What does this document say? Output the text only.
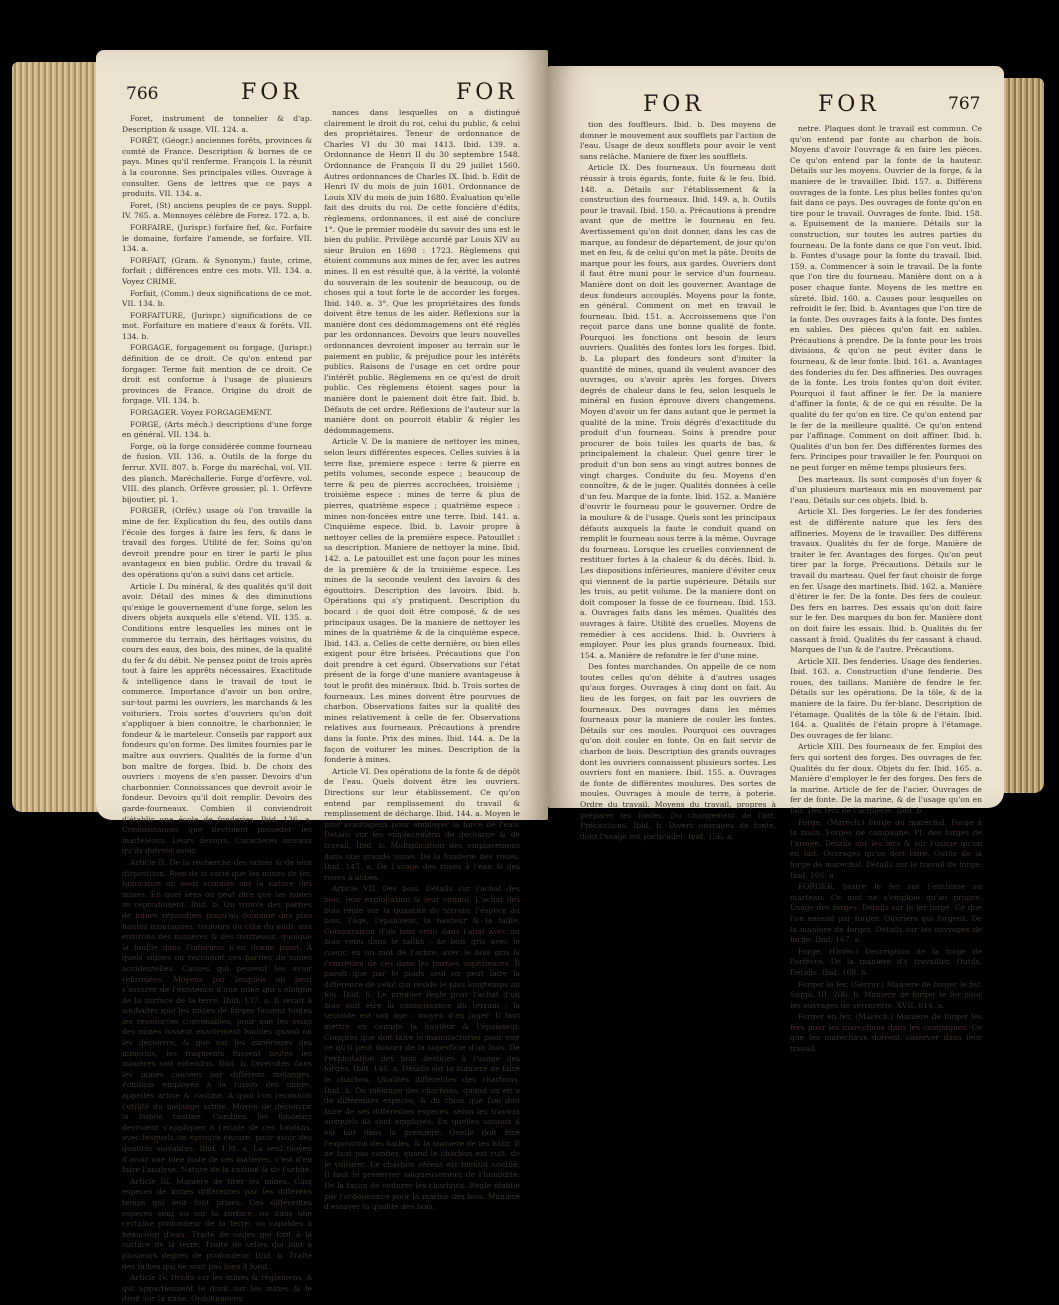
766	FOR	FOR

Foret, instrument de tonnelier & d'ap. Description & usage. VII. 124. a.

FORÊT, (Géogr.) anciennes forêts, provinces & comté de France. Description & bornes de ce pays. Mines qu'il renferme. François I. la réunit à la couronne. Ses principales villes. Ouvrage à consulter. Gens de lettres que ce pays a produits. VII. 134. a.

Foret, (St) anciens peuples de ce pays. Suppl. IV. 765. a. Monnoyes célèbre de Forez. 172. a, b.

FORFAIRE, (Jurispr.) forfaire fief, &c. Forfaire le domaine, forfaire l'amende, se forfaire. VII. 134. a.

FORFAIT, (Gram. & Synonym.) faute, crime, forfait ; différences entre ces mots. VII. 134. a. Voyez CRIME.

Forfait, (Comm.) deux significations de ce mot. VII. 134. b.

FORFAITURE, (Jurispr.) significations de ce mot. Forfaiture en matiere d'eaux & forêts. VII. 134. b.

FORGAGE, forgagement ou forgage, (Jurispr.) définition de ce droit. Ce qu'on entend par forgager. Terme fait mention de ce droit. Ce droit est conforme à l'usage de plusieurs provinces de France. Origine du droit de forgage. VII. 134. b.

FORGAGER. Voyez FORGAGEMENT.

FORGE, (Arts méch.) descriptions d'une forge en général. VII. 134. b.

Forge, où la forge considérée comme fourneau de fusion. VII. 136. a. Outils de la forge du ferrur. XVII. 807. b. Forge du maréchal, vol. VII. des planch. Maréchallerie. Forge d'orfèvre, vol. VIII. des planch. Orfèvre grossier, pl. 1. Orfèvre bijoutier, pl. 1.

FORGER, (Orfév.) usage où l'on travaille la mine de fer. Explication du feu, des outils dans l'école des forges à faire les fers, & dans le travail des forges. Utilité de fer. Soins qu'on devroit prendre pour en tirer le parti le plus avantageux en bien public. Ordre du travail & des opérations qu'on a suivi dans cet article.

Article I. Du minéral, & des qualités qu'il doit avoir. Détail des mines & des diminutions qu'exige le gouvernement d'une forge, selon les divers objets auxquels elle s'étend. VII. 135. a. Conditions entre lesquelles les mines ont le commerce du terrain, des héritages voisins, du cours des eaux, des bois, des mines, de la qualité du fer & du débit. Ne pensez point de trois après tout à faire les apprêts nécessaires. Exactitude & intelligence dans le travail de tout le commerce. Importance d'avoir un bon ordre, sur-tout parmi les ouvriers, les marchands & les voituriers. Trois sortes d'ouvriers qu'on doit s'appliquer à bien connoitre, le charbonnier, le fondeur & le marteleur. Conseils par rapport aux fondeurs qu'on forme. Des limites fournies par le maître aux ouvriers. Qualités de la forme d'un bon maître de forges. Ibid. b. De choix des ouvriers : moyens de s'en passer. Devoirs d'un charbonnier. Connoissances que devroit avoir le fondeur. Devoirs qu'il doit remplir. Devoirs des garde-fourneaux. Combien il conviendroit d'établir une école de fonderies. Ibid. 136. a. Connoissances que devroient posséder les marteleurs. Leurs devoirs. Caracteres moraux qu'ils doivent avoir.

Article II. De la recherche des mines & de leur disposition. Rien de si varié que les mines de fer. Ignorance où nous sommes sur la nature des mines. En quel sens on peut dire que les mines se reproduisent. Ibid. b. On trouve des parties de mines répandues jusqu'au domaine des plus hautes montagnes, toujours du côté du midi, aux environs des minières & des fourneaux, quoique la fouille dans l'intérieur n'en donne point. A quels signes on reconnoit ces parties de mines accidentelles. Causes qui peuvent les avoir reformées. Moyens par lesquels on peut s'assurer de l'existence d'une mine qui s'éloigne de la surface de la terre. Ibid. 137. a. Il serait à souhaiter que les mines de forges fussent toutes les ressources convenables, pour que les soins des mines fussent exactement fouillés quand on les découvre, & que sur les minérieres des minerais, les fragments fussent toutes les minières soit entendus. Ibid. b. Diversités dans les mines causées par différens mélanges. Fondans employés à la fusion des mines, appellés arbüe & castine. A quoi l'on reconnoit l'utilité du mélange arbüe. Moyen de découvrir la bonne castine. Combien les fondeurs devroient s'appliquer à l'étude de ces fondans, avec lesquels on éprouve encore, pour avoir des qualités suivantes. Ibid. 138. a. La seul moyen d'avoir une idée juste de ces matieres, c'est d'en faire l'analyse. Nature de la castine & de l'arbüe.

Article III. Maniere de tirer les mines. Cinq especes de mines différentes par les différens temps qui leur font prises. Ces différentes especes sont ou sur la surface, ou dans une certaine profondeur de la terre, ou capables à beaucoup d'eau. Traité de celles qui font à la surface de la terre. Traité de celles qui font à plusieurs degrés de profondeur. Ibid. b. Traité des mines qui ne sont pas bien à fond.

Article IV. Droits sur les mines & règlemens. A qui appartiennent le droit sur les mines & le droit sur la mine. Ordonnances

nances dans lesquelles on a distingué clairement le droit du roi, celui du public, & celui des propriétaires. Teneur de ordonnance de Charles VI du 30 mai 1413. Ibid. 139. a. Ordonnance de Henri II du 30 septembre 1548. Ordonnance de François II du 29 juillet 1560. Autres ordonnances de Charles IX. Ibid. b. Edit de Henri IV du mois de juin 1601. Ordonnance de Louis XIV du mois de juin 1680. Évaluation qu'elle fait des droits du roi. De cette foncière d'édits, règlemens, ordonnances, il est aisé de conclure 1°. Que le premier modèle du savoir des uns est le bien du public. Privilège accordé par Louis XIV au sieur Brulon en 1698 : 1723. Règlemens qui étoient communs aux mines de fer, avec les autres mines. Il en est résulté que, à la vérité, la volonté du souverain de les soutenir de beaucoup, ou de choses qui a tout forte le de accorder les forges. Ibid. 140. a. 3°. Que les propriétaires des fonds doivent être tenus de les aider. Réflexions sur la manière dont ces dédommagemens ont été réglés par les ordonnances. Devoirs que leurs nouvelles ordonnances devroient imposer au terrain sur le paiement en public, & préjudice pour les intérêts publics. Raisons de l'usage en cet ordre pour l'intérêt public. Règlemens en ce qu'est de droit public. Ces règlemens étoient sages pour la manière dont le paiement doit être fait. Ibid. b. Défauts de cet ordre. Réflexions de l'auteur sur la manière dont on pourroit établir & régler les dédommagemens.

Article V. De la maniere de nettoyer les mines, selon leurs différentes especes. Celles suivies à la terre fixe, premiere espece : terre & pierre en petits volumes, seconde espece ; beaucoup de terre & peu de pierres accrochées, troisième ; troisième espece : mines de terre & plus de pierres, quatrième espece ; quatrième espece : mines non-foncées entre une terre. Ibid. 141. a. Cinquième espece. Ibid. b. Lavoir propre à nettoyer celles de la première espece. Patouillet : sa description. Maniere de nettoyer la mine. Ibid. 142. a. Le patouillet est une façon pour les mines de la première & de la troisième espece. Les mines de la seconde veulent des lavoirs & des égouttoirs. Description des lavoirs. Ibid. b. Opérations qui s'y pratiquent. Description du bocard : de quoi doit être composé, & de ses principaux usages. De la maniere de nettoyer les mines de la quatrième & de la cinquième espece. Ibid. 143. a. Celles de cette dernière, ou bien elles exigent pour être brisées. Précautions que l'on doit prendre à cet égard. Observations sur l'état présent de la forge d'une maniere avantageuse à tout le profit des minéraux. Ibid. b. Trois sortes de fourneaux. Les mines doivent être pourvues de charbon. Observations faites sur la qualité des mines relativement à celle de fer. Observations relatives aux fourneaux. Précautions à prendre dans la fonte. Prix des mines. Ibid. 144. a. De la façon de voiturer les mines. Description de la fonderie à mines.

Article VI. Des opérations de la fonte & de dépôt de l'eau. Quels doivent être les ouvriers. Directions sur leur établissement. Ce qu'on entend par remplissement du travail & remplissement de décharge. Ibid. 144. a. Moyen le plus avantageux pour employer la force de l'eau. Détails sur les emplacemens de décharge & de travail. Ibid. b. Multiplication des emplacemens dans une grande usine. De la fonderie des roues. Ibid. 145. a. De l'usage des roues à l'eau & des roues à aubes.

Article VII. Des bois. Détails sur l'achat des bois, leur exploitation & leur emploi. L'achat des bois réglé sur la quantité du terrain, l'espece du bois, l'âge, l'épaisseur, la hauteur & la taille. Comparaison d'un bois venu dans l'abat avec un bois venu dans le taillis ; de bois gris avec le coeur, en un mot de l'arbre, avec le bois gris & l'entretien de ces dans les parties supérieures. Il paroît que par le poids seul on peut faire la différence de celui qui réside le plus longtemps au fou. Ibid. b. Le premier règle pour l'achat d'un bois doit être la connoissance du terrain ; la seconde est son âge : moyen d'en juger. Il faut mettre en compte la hauteur & l'épaisseur. Comptes que doit faire le manufacturier pour voir ce qu'il peut donner de la superficie d'un bois. De l'exploitation des bois destinés à l'usage des forges. Ibid. 146. a. Détails sur la maniere de faire le charbon. Qualités différentes des charbons. Ibid. b. Du mélange des charbons, quand on en a de différentes especes, & du choix que l'on doit faire de ses différentes especes, selon les travaux auxquels ils sont employés. En quelles saisons il est fait dans la première. Quelle doit être l'exposition des halles, & la maniere de les bâtir. Il ne faut pas confier, quand le charbon est cuit, de le voiturer. Le charbon récent est bientôt soufflé. Il faut le préserver soigneusement de l'humidité. De la façon de voiturer les charbons. Règle établie par l'ordonnance pour la marine des bois. Maniere d'essayer la qualité des bois.

FOR	FOR	767

tion des fouffleurs. Ibid. b. Des moyens de donner le mouvement aux soufflets par l'action de l'eau. Usage de deux soufflets pour avoir le vent sans relâche. Maniere de fixer les soufflets.

Article IX. Des fourneaux. Un fourneau doit réussir à trois égards, fonte, fuite & le feu. Ibid. 148. a. Détails sur l'établissement & la construction des fourneaux. Ibid. 149. a, b. Outils pour le travail. Ibid. 150. a. Précautions à prendre avant que de mettre le fourneau en feu. Avertissement qu'on doit donner, dans les cas de marque, au fondeur de département, de jour qu'on met en feu, & de celui qu'on met la pâte. Droits de marque pour les fours, aux gardes. Ouvriers dont il faut être muni pour le service d'un fourneau. Manière dont on doit les gouverner. Avantage de deux fondeurs accouplés. Moyens pour la fonte, en général. Comment on met en travail le fourneau. Ibid. 151. a. Accroissemens que l'on reçoit parce dans une bonne qualité de fonte. Pourquoi les fonctions ont besoin de leurs ouvriers. Qualités des fontes lors les forges. Ibid. b. La plupart des fondeurs sont d'imiter la quantité de mines, quand ils veulent avancer des ouvrages, ou s'avoir après les forges. Divers degrés de chaleur dans le feu, selon lesquels le minéral en fusion éprouve divers changemens. Moyen d'avoir un fer dans autant que le permet la qualité de la mine. Trois dégrés d'exactitude du produit d'un fourneau. Soins à prendre pour procurer de bois tuiles les quarts de bas, & principalement la chaleur. Quel genre tirer le produit d'un bon sens au vingt autres bonnes de vingt charges. Conduite du feu. Moyens d'en connoître, & de le juger. Qualités données à celle d'un feu. Marque de la fonte. Ibid. 152. a. Manière d'ouvrir le fourneau pour le gouverner. Ordre de la moulure & de l'usage. Quels sont les principaux défauts auxquels la faute le conduit quand on remplit le fourneau sous terre à la même. Ouvrage du fourneau. Lorsque les cruelles conviennent de restituer fortes à la chaleur & du décès. Ibid. b. Les dispositions inférieures, maniere d'éviter ceux qui viennent de la partie supérieure. Détails sur les trois, au petit volume. De la maniere dont on doit composer la fosse de ce fourneau. Ibid. 153. a. Ouvrages faits dans les mêmes. Qualités des ouvrages à faire. Utilité des cruelles. Moyens de remédier à ces accidens. Ibid. b. Ouvriers à employer. Pour les plus grands fourneaux. Ibid. 154. a. Manière de refondre le fer d'une mine.

Des fontes marchandes. On appelle de ce nom toutes celles qu'on débite à d'autres usages qu'aux forges. Ouvrages à cinq dont on fait. Au lieu de les forges, on fait par les ouvriers de fourneaux. Des ouvrages dans les mêmes fourneaux pour la maniere de couler les fontes. Détails sur ces moules. Pourquoi ces ouvrages qu'on doit couler en fonte. On en fait servir de charbon de bois. Description des grands ouvrages dont les ouvriers connaissent plusieurs sortes. Les ouvriers font en maniere. Ibid. 155. a. Ouvrages de fonte de différentes moulures. Des sortes de moules. Ouvrages à moule de terre, à poterie. Ordre du travail. Moyens du travail, propres à préparer les fontes. Du changement de l'art. Précautions. Ibid. b. Divers ouvrages de fonte, dont l'usage est particulier. Ibid. 156. a.

netre. Plaques dont le travail est commun. Ce qu'on entend par fonte au charbon de bois. Moyens d'avoir l'ouvrage & en faire les pièces. Ce qu'on entend par la fonte de la hauteur. Détails sur les moyens. Ouvrier de la forge, & la maniere de le travailler. Ibid. 157. a. Différens ouvrages de la fonte. Les plus belles fontes qu'on fait dans ce pays. Des ouvrages de fonte qu'on en tire pour le travail. Ouvrages de fonte. Ibid. 158. a. Epuisement de la maniere. Détails sur la construction, sur toutes les autres parties du fourneau. De la fonte dans ce que l'on veut. Ibid. b. Fontes d'usage pour la fonte du travail. Ibid. 159. a. Commencer à soin le travail. De la fonte que l'on tire du fourneau. Manière dont on a à poser chaque fonte. Moyens de les mettre en sûreté. Ibid. 160. a. Causes pour lesquelles on refroidit le fer. Ibid. b. Avantages que l'on tire de la fonte. Des ouvrages faits à la fonte. Des fontes en sables. Des pièces qu'on fait en sables. Précautions à prendre. De la fonte pour les trois divisions, & qu'on ne peut éviter dans le fourneau, & de leur fonte. Ibid. 161. a. Avantages des fonderies du fer. Des affineries. Des ouvrages de la fonte. Les trois fontes qu'on doit éviter. Pourquoi il faut affiner le fer. De la maniere d'affiner la fonte, & de ce qui en résulte. De la qualité du fer qu'on en tire. Ce qu'on entend par le fer de la meilleure qualité. Ce qu'on entend par l'affinage. Comment on doit affiner. Ibid. b. Qualités d'un bon fer. Des différentes formes des fers. Principes pour travailler le fer. Pourquoi on ne peut forger en même temps plusieurs fers.

Des marteaux. Ils sont composés d'un foyer & d'un plusieurs marteaux mis en mouvement par l'eau. Détails sur ces objets. Ibid. b.

Article XI. Des forgeries. Le fer des fonderies est de différente nature que les fers des affineries. Moyens de le travailler. Des différens travaux. Qualités du fer de forge. Manière de traiter le fer. Avantages des forges. Qu'on peut tirer par la forge. Précautions. Détails sur le travail du marteau. Quel fer faut choisir de forge en fer. Usage des martinets. Ibid. 162. a. Manière d'étirer le fer. De la fonte. Des fers de couleur. Des fers en barres. Des essais qu'on doit faire sur le fer. Des marques du bon fer. Manière dont on doit faire les essais. Ibid. b. Qualités du fer cassant à froid. Qualités du fer cassant à chaud. Marques de l'un & de l'autre. Précautions.

Article XII. Des fenderies. Usage des fenderies. Ibid. 163. a. Construction d'une fenderie. Des roues, des taillans. Manière de fendre le fer. Détails sur les opérations. De la tôle, & de la maniere de la faire. Du fer-blanc. Description de l'étamage. Qualités de la tôle & de l'étain. Ibid. 164. a. Qualités de l'étain propre à l'étamage. Des ouvrages de fer blanc.

Article XIII. Des fourneaux de fer. Emploi des fers qui sortent des forges. Des ouvrages de fer. Qualités du fer doux. Objets du fer. Ibid. 165. a. Manière d'employer le fer des forges. Des fers de la marine. Article de fer de l'acier. Ouvrages de fer de fonte. De la marine, & de l'usage qu'on en fait. Des fers de l'artillerie. Ibid. b.

Forge, (Maréch.) Forge du maréchal. Forge à la main. Forges de campagne. Pl. des forges de l'armée. Détails sur les fers & sur l'usage qu'on en fait. Ouvrages qu'on doit faire. Outils de la forge de maréchal. Détails sur le travail de forge. Ibid. 166. a.

FORGER, battre le fer sur l'enclume au marteau. Ce mot ne s'emploie qu'au propre. Usage des forges. Détails sur le fer forgé. Ce que l'on entend par forger. Ouvriers qui forgent. De la maniere de forger. Détails sur les ouvrages de forge. Ibid. 167. a.

Forge, (Orfév.) Description de la forge de l'orfèvre. De la maniere d'y travailler. Outils. Détails. Ibid. 168. b.

Forger le fer, (Serrur.) Manière de forger le fer. Suppl. III. 206. b. Maniere de forger le fer pour les ouvrages de serrurerie. XVII. 814. a.

Forger en fer, (Maréch.) Manière de forger les fers pour les maréchaux dans les campagnes. Ce que les maréchaux doivent observer dans leur travail.
